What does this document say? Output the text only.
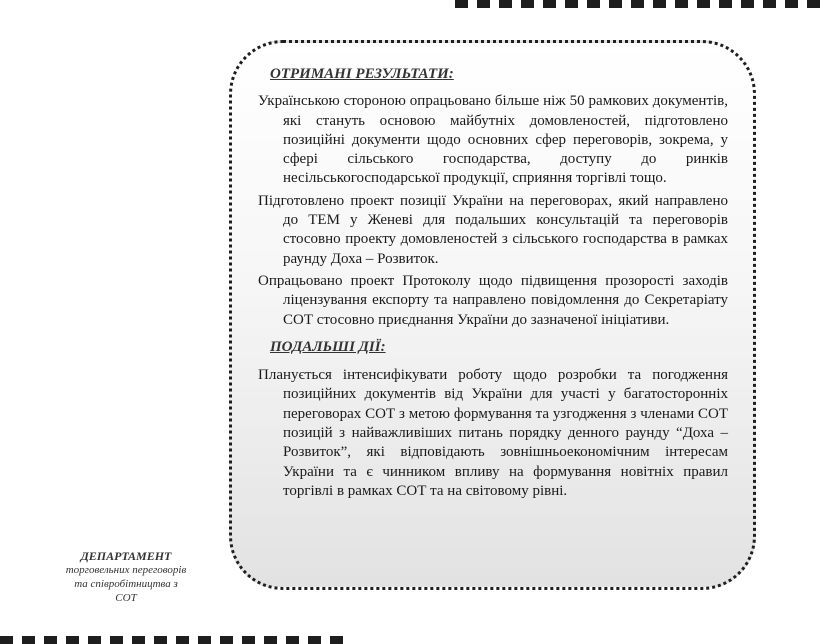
ОТРИМАНІ РЕЗУЛЬТАТИ:

Українською стороною опрацьовано більше ніж 50 рамкових документів, які стануть основою майбутніх домовленостей, підготовлено позиційні документи щодо основних сфер переговорів, зокрема, у сфері сільського господарства, доступу до ринків несільськогосподарської продукції, сприяння торгівлі тощо.

Підготовлено проект позиції України на переговорах, який направлено до ТЕМ у Женеві для подальших консультацій та переговорів стосовно проекту домовленостей з сільського господарства в рамках раунду Доха – Розвиток.

Опрацьовано проект Протоколу щодо підвищення прозорості заходів ліцензування експорту та направлено повідомлення до Секретаріату СОТ стосовно приєднання України до зазначеної ініціативи.

ПОДАЛЬШІ ДІЇ:

Планується інтенсифікувати роботу щодо розробки та погодження позиційних документів від України для участі у багатосторонніх переговорах СОТ з метою формування та узгодження з членами СОТ позицій з найважливіших питань порядку денного раунду “Доха – Розвиток”, які відповідають зовнішньоекономічним інтересам України та є чинником впливу на формування новітніх правил торгівлі в рамках СОТ та на світовому рівні.

ДЕПАРТАМЕНТ
торговельних переговорів
та співробітництва з
СОТ
